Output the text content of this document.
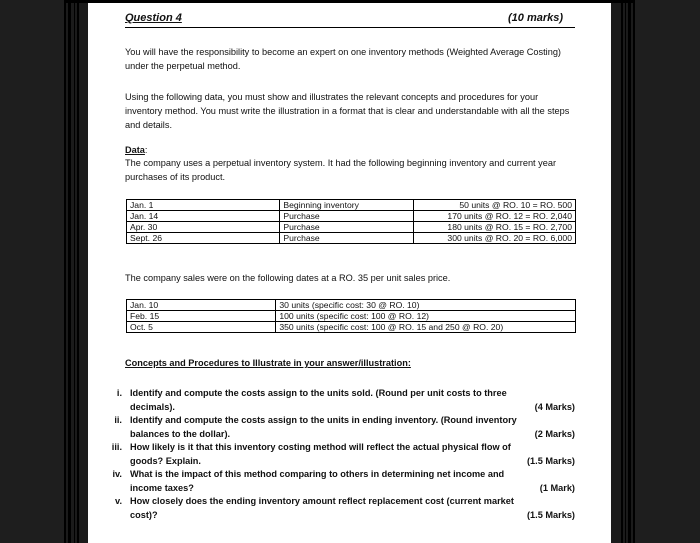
Question 4	(10 marks)
You will have the responsibility to become an expert on one inventory methods (Weighted Average Costing) under the perpetual method.
Using the following data, you must show and illustrates the relevant concepts and procedures for your inventory method. You must write the illustration in a format that is clear and understandable with all the steps and details.
Data:
The company uses a perpetual inventory system. It had the following beginning inventory and current year purchases of its product.
Jan. 1	Beginning inventory	50 units @ RO. 10 = RO. 500
Jan. 14	Purchase	170 units @ RO. 12 = RO. 2,040
Apr. 30	Purchase	180 units @ RO. 15 = RO. 2,700
Sept. 26	Purchase	300 units @ RO. 20 = RO. 6,000
The company sales were on the following dates at a RO. 35 per unit sales price.
Jan. 10	30 units (specific cost: 30 @ RO. 10)
Feb. 15	100 units (specific cost: 100 @ RO. 12)
Oct. 5	350 units (specific cost: 100 @ RO. 15 and 250 @ RO. 20)
Concepts and Procedures to Illustrate in your answer/illustration:
i. Identify and compute the costs assign to the units sold. (Round per unit costs to three
decimals).	(4 Marks)
ii. Identify and compute the costs assign to the units in ending inventory. (Round inventory
balances to the dollar).	(2 Marks)
iii. How likely is it that this inventory costing method will reflect the actual physical flow of
goods? Explain.	(1.5 Marks)
iv. What is the impact of this method comparing to others in determining net income and
income taxes?	(1 Mark)
v. How closely does the ending inventory amount reflect replacement cost (current market
cost)?	(1.5 Marks)
